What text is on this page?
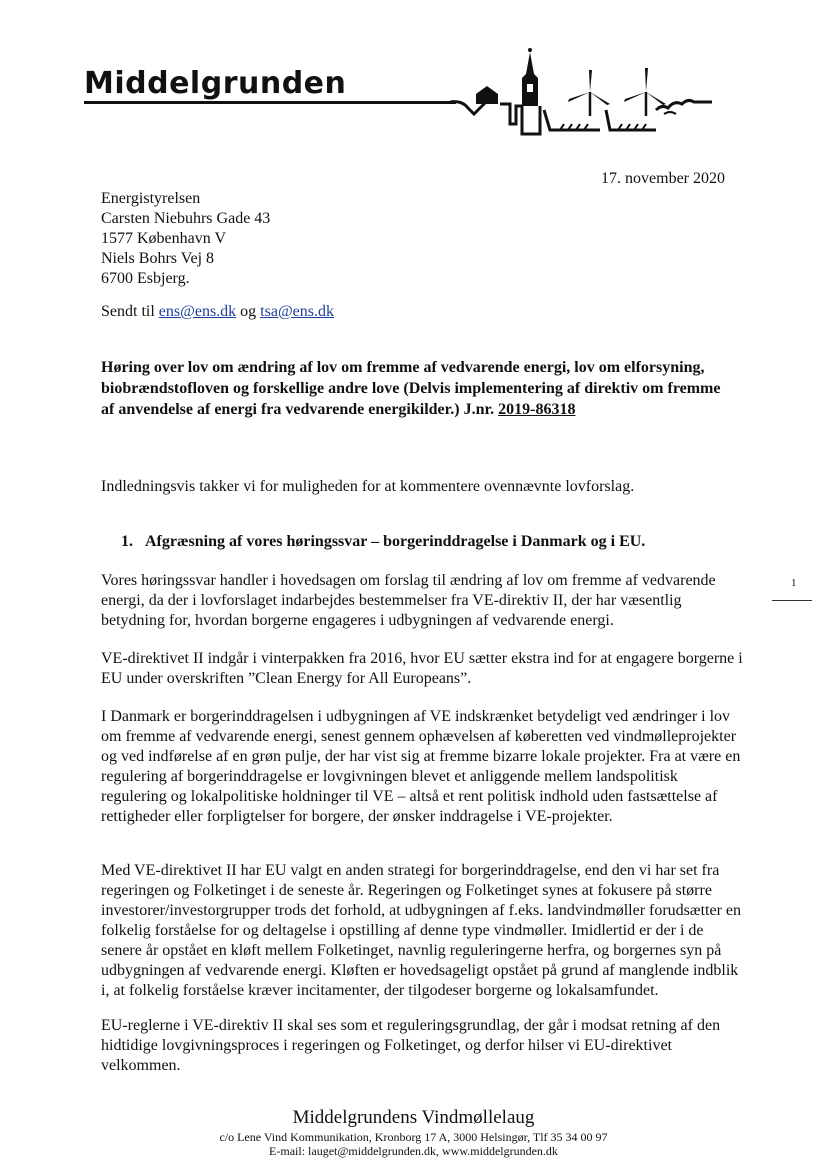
Middelgrunden
17. november 2020
Energistyrelsen
Carsten Niebuhrs Gade 43
1577 København V
Niels Bohrs Vej 8
6700 Esbjerg.
Sendt til ens@ens.dk og tsa@ens.dk
Høring over lov om ændring af lov om fremme af vedvarende energi, lov om elforsyning, biobrændstofloven og forskellige andre love (Delvis implementering af direktiv om fremme af anvendelse af energi fra vedvarende energikilder.) J.nr. 2019-86318
Indledningsvis takker vi for muligheden for at kommentere ovennævnte lovforslag.
1. Afgræsning af vores høringssvar – borgerinddragelse i Danmark og i EU.
Vores høringssvar handler i hovedsagen om forslag til ændring af lov om fremme af vedvarende energi, da der i lovforslaget indarbejdes bestemmelser fra VE-direktiv II, der har væsentlig betydning for, hvordan borgerne engageres i udbygningen af vedvarende energi.
VE-direktivet II indgår i vinterpakken fra 2016, hvor EU sætter ekstra ind for at engagere borgerne i EU under overskriften ”Clean Energy for All Europeans”.
I Danmark er borgerinddragelsen i udbygningen af VE indskrænket betydeligt ved ændringer i lov om fremme af vedvarende energi, senest gennem ophævelsen af køberetten ved vindmølleprojekter og ved indførelse af en grøn pulje, der har vist sig at fremme bizarre lokale projekter. Fra at være en regulering af borgerinddragelse er lovgivningen blevet et anliggende mellem landspolitisk regulering og lokalpolitiske holdninger til VE – altså et rent politisk indhold uden fastsættelse af rettigheder eller forpligtelser for borgere, der ønsker inddragelse i VE-projekter.
Med VE-direktivet II har EU valgt en anden strategi for borgerinddragelse, end den vi har set fra regeringen og Folketinget i de seneste år. Regeringen og Folketinget synes at fokusere på større investorer/investorgrupper trods det forhold, at udbygningen af f.eks. landvindmøller forudsætter en folkelig forståelse for og deltagelse i opstilling af denne type vindmøller. Imidlertid er der i de senere år opstået en kløft mellem Folketinget, navnlig reguleringerne herfra, og borgernes syn på udbygningen af vedvarende energi. Kløften er hovedsageligt opstået på grund af manglende indblik i, at folkelig forståelse kræver incitamenter, der tilgodeser borgerne og lokalsamfundet.
EU-reglerne i VE-direktiv II skal ses som et reguleringsgrundlag, der går i modsat retning af den hidtidige lovgivningsproces i regeringen og Folketinget, og derfor hilser vi EU-direktivet velkommen.
1
Middelgrundens Vindmøllelaug
c/o Lene Vind Kommunikation, Kronborg 17 A, 3000 Helsingør, Tlf 35 34 00 97
E-mail: lauget@middelgrunden.dk, www.middelgrunden.dk
